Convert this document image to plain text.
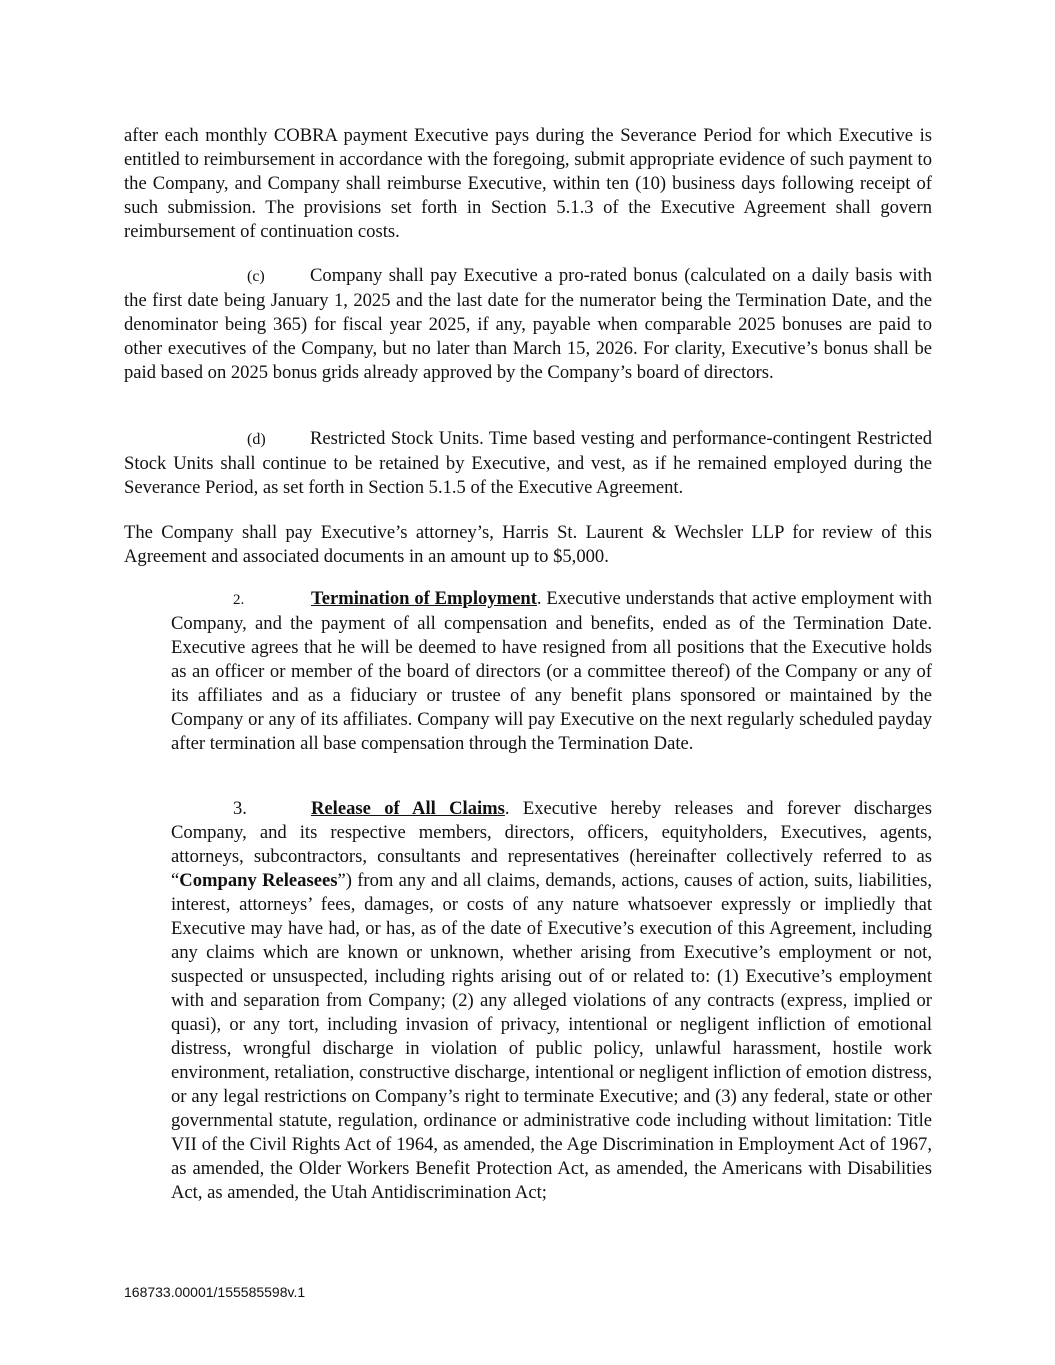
after each monthly COBRA payment Executive pays during the Severance Period for which Executive is entitled to reimbursement in accordance with the foregoing, submit appropriate evidence of such payment to the Company, and Company shall reimburse Executive, within ten (10) business days following receipt of such submission. The provisions set forth in Section 5.1.3 of the Executive Agreement shall govern reimbursement of continuation costs.

(c) Company shall pay Executive a pro-rated bonus (calculated on a daily basis with the first date being January 1, 2025 and the last date for the numerator being the Termination Date, and the denominator being 365) for fiscal year 2025, if any, payable when comparable 2025 bonuses are paid to other executives of the Company, but no later than March 15, 2026. For clarity, Executive’s bonus shall be paid based on 2025 bonus grids already approved by the Company’s board of directors.

(d) Restricted Stock Units. Time based vesting and performance-contingent Restricted Stock Units shall continue to be retained by Executive, and vest, as if he remained employed during the Severance Period, as set forth in Section 5.1.5 of the Executive Agreement.

The Company shall pay Executive’s attorney’s, Harris St. Laurent & Wechsler LLP for review of this Agreement and associated documents in an amount up to $5,000.

2.	Termination of Employment. Executive understands that active employment with Company, and the payment of all compensation and benefits, ended as of the Termination Date. Executive agrees that he will be deemed to have resigned from all positions that the Executive holds as an officer or member of the board of directors (or a committee thereof) of the Company or any of its affiliates and as a fiduciary or trustee of any benefit plans sponsored or maintained by the Company or any of its affiliates. Company will pay Executive on the next regularly scheduled payday after termination all base compensation through the Termination Date.

3.	Release of All Claims. Executive hereby releases and forever discharges Company, and its respective members, directors, officers, equityholders, Executives, agents, attorneys, subcontractors, consultants and representatives (hereinafter collectively referred to as “Company Releasees”) from any and all claims, demands, actions, causes of action, suits, liabilities, interest, attorneys’ fees, damages, or costs of any nature whatsoever expressly or impliedly that Executive may have had, or has, as of the date of Executive’s execution of this Agreement, including any claims which are known or unknown, whether arising from Executive’s employment or not, suspected or unsuspected, including rights arising out of or related to: (1) Executive’s employment with and separation from Company; (2) any alleged violations of any contracts (express, implied or quasi), or any tort, including invasion of privacy, intentional or negligent infliction of emotional distress, wrongful discharge in violation of public policy, unlawful harassment, hostile work environment, retaliation, constructive discharge, intentional or negligent infliction of emotion distress, or any legal restrictions on Company’s right to terminate Executive; and (3) any federal, state or other governmental statute, regulation, ordinance or administrative code including without limitation: Title VII of the Civil Rights Act of 1964, as amended, the Age Discrimination in Employment Act of 1967, as amended, the Older Workers Benefit Protection Act, as amended, the Americans with Disabilities Act, as amended, the Utah Antidiscrimination Act;

168733.00001/155585598v.1
